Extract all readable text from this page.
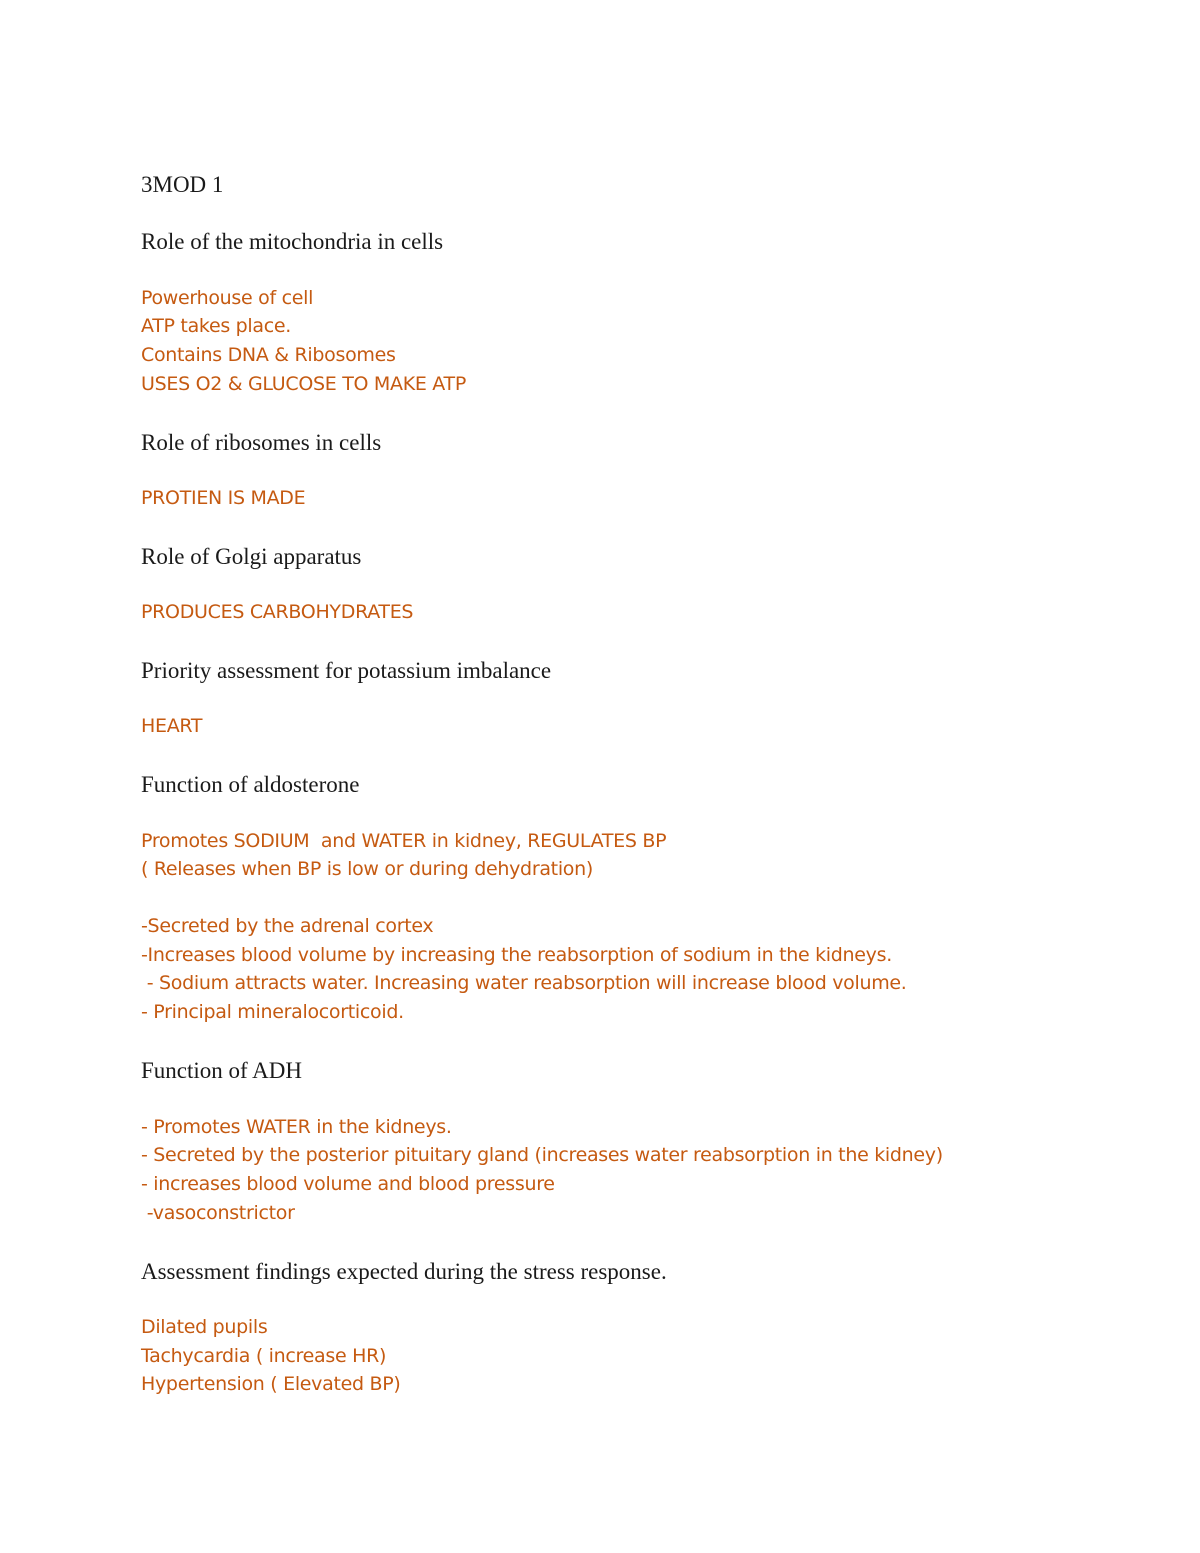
3MOD 1
Role of the mitochondria in cells
Powerhouse of cell
ATP takes place.
Contains DNA & Ribosomes
USES O2 & GLUCOSE TO MAKE ATP
Role of ribosomes in cells
PROTIEN IS MADE
Role of Golgi apparatus
PRODUCES CARBOHYDRATES
Priority assessment for potassium imbalance
HEART
Function of aldosterone
Promotes SODIUM  and WATER in kidney, REGULATES BP
( Releases when BP is low or during dehydration)
-Secreted by the adrenal cortex
-Increases blood volume by increasing the reabsorption of sodium in the kidneys.
- Sodium attracts water. Increasing water reabsorption will increase blood volume.
- Principal mineralocorticoid.
Function of ADH
- Promotes WATER in the kidneys.
- Secreted by the posterior pituitary gland (increases water reabsorption in the kidney)
- increases blood volume and blood pressure
-vasoconstrictor
Assessment findings expected during the stress response.
Dilated pupils
Tachycardia ( increase HR)
Hypertension ( Elevated BP)
